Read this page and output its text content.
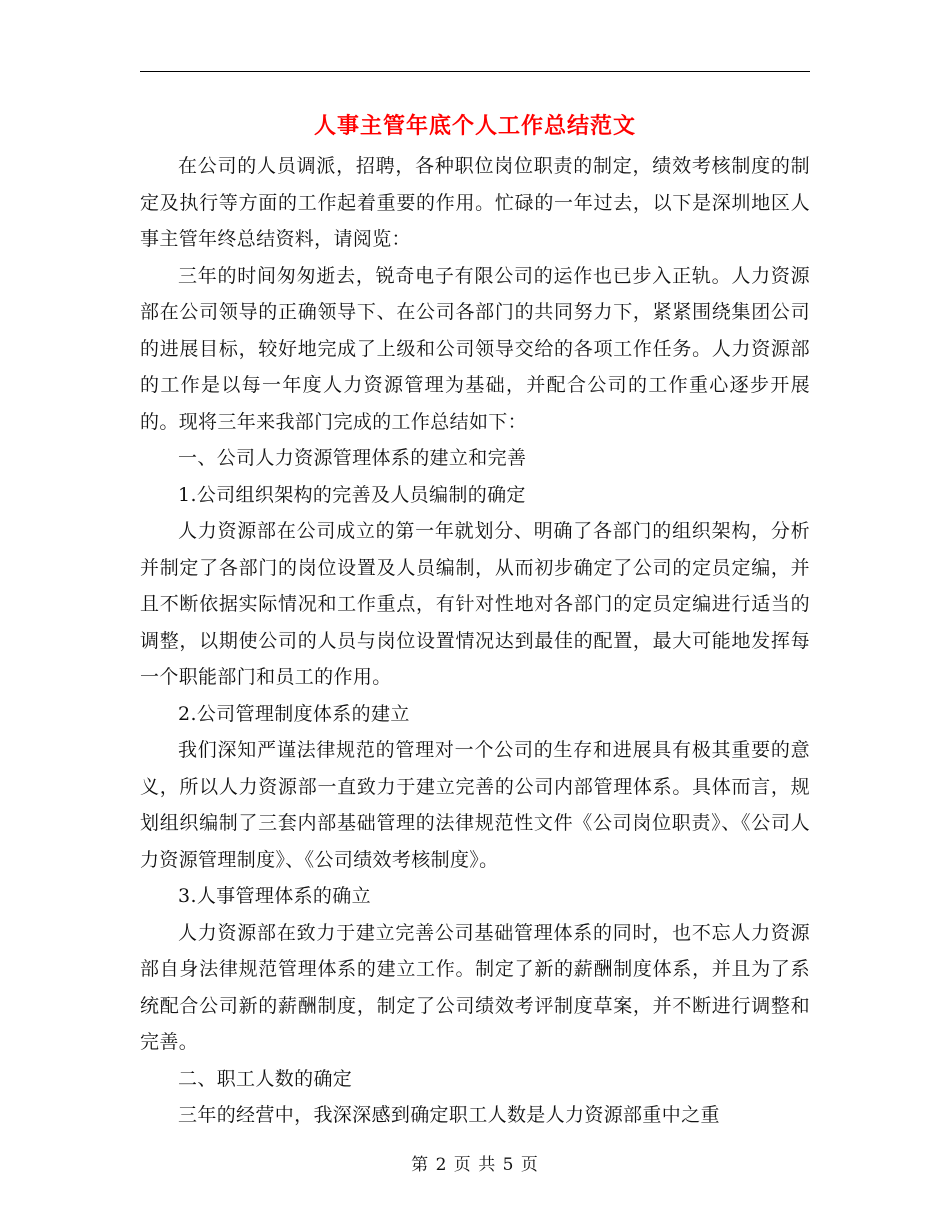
人事主管年底个人工作总结范文

在公司的人员调派，招聘，各种职位岗位职责的制定，绩效考核制度的制定及执行等方面的工作起着重要的作用。忙碌的一年过去，以下是深圳地区人事主管年终总结资料，请阅览：

三年的时间匆匆逝去，锐奇电子有限公司的运作也已步入正轨。人力资源部在公司领导的正确领导下、在公司各部门的共同努力下，紧紧围绕集团公司的进展目标，较好地完成了上级和公司领导交给的各项工作任务。人力资源部的工作是以每一年度人力资源管理为基础，并配合公司的工作重心逐步开展的。现将三年来我部门完成的工作总结如下：

一、公司人力资源管理体系的建立和完善

1.公司组织架构的完善及人员编制的确定

人力资源部在公司成立的第一年就划分、明确了各部门的组织架构，分析并制定了各部门的岗位设置及人员编制，从而初步确定了公司的定员定编，并且不断依据实际情况和工作重点，有针对性地对各部门的定员定编进行适当的调整，以期使公司的人员与岗位设置情况达到最佳的配置，最大可能地发挥每一个职能部门和员工的作用。

2.公司管理制度体系的建立

我们深知严谨法律规范的管理对一个公司的生存和进展具有极其重要的意义，所以人力资源部一直致力于建立完善的公司内部管理体系。具体而言，规划组织编制了三套内部基础管理的法律规范性文件《公司岗位职责》、《公司人力资源管理制度》、《公司绩效考核制度》。

3.人事管理体系的确立

人力资源部在致力于建立完善公司基础管理体系的同时，也不忘人力资源部自身法律规范管理体系的建立工作。制定了新的薪酬制度体系，并且为了系统配合公司新的薪酬制度，制定了公司绩效考评制度草案，并不断进行调整和完善。

二、职工人数的确定

三年的经营中，我深深感到确定职工人数是人力资源部重中之重

第 2 页 共 5 页
